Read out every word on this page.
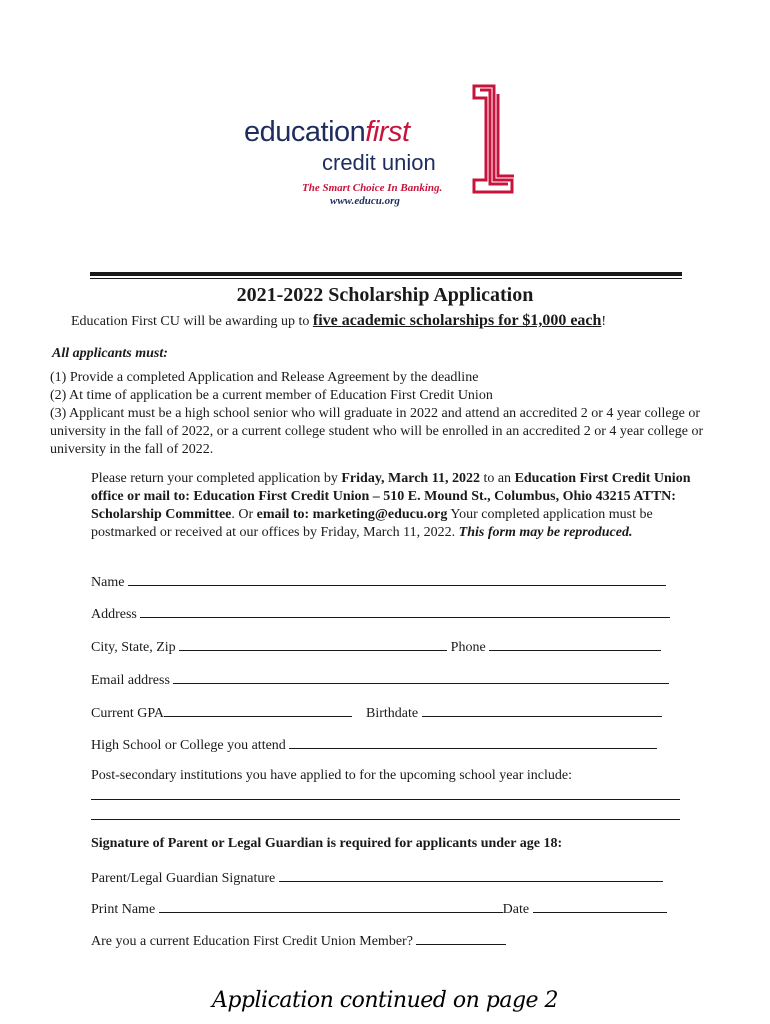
educationfirst
credit union
The Smart Choice In Banking.
www.educu.org
2021-2022 Scholarship Application
Education First CU will be awarding up to five academic scholarships for $1,000 each!
All applicants must:
(1) Provide a completed Application and Release Agreement by the deadline
(2) At time of application be a current member of Education First Credit Union
(3) Applicant must be a high school senior who will graduate in 2022 and attend an accredited 2 or 4 year college or university in the fall of 2022, or a current college student who will be enrolled in an accredited 2 or 4 year college or university in the fall of 2022.
Please return your completed application by Friday, March 11, 2022 to an Education First Credit Union office or mail to: Education First Credit Union – 510 E. Mound St., Columbus, Ohio 43215 ATTN: Scholarship Committee. Or email to: marketing@educu.org Your completed application must be postmarked or received at our offices by Friday, March 11, 2022. This form may be reproduced.
Name
Address
City, State, Zip	Phone
Email address
Current GPA	Birthdate
High School or College you attend
Post-secondary institutions you have applied to for the upcoming school year include:
Signature of Parent or Legal Guardian is required for applicants under age 18:
Parent/Legal Guardian Signature
Print Name	Date
Are you a current Education First Credit Union Member?
Application continued on page 2
